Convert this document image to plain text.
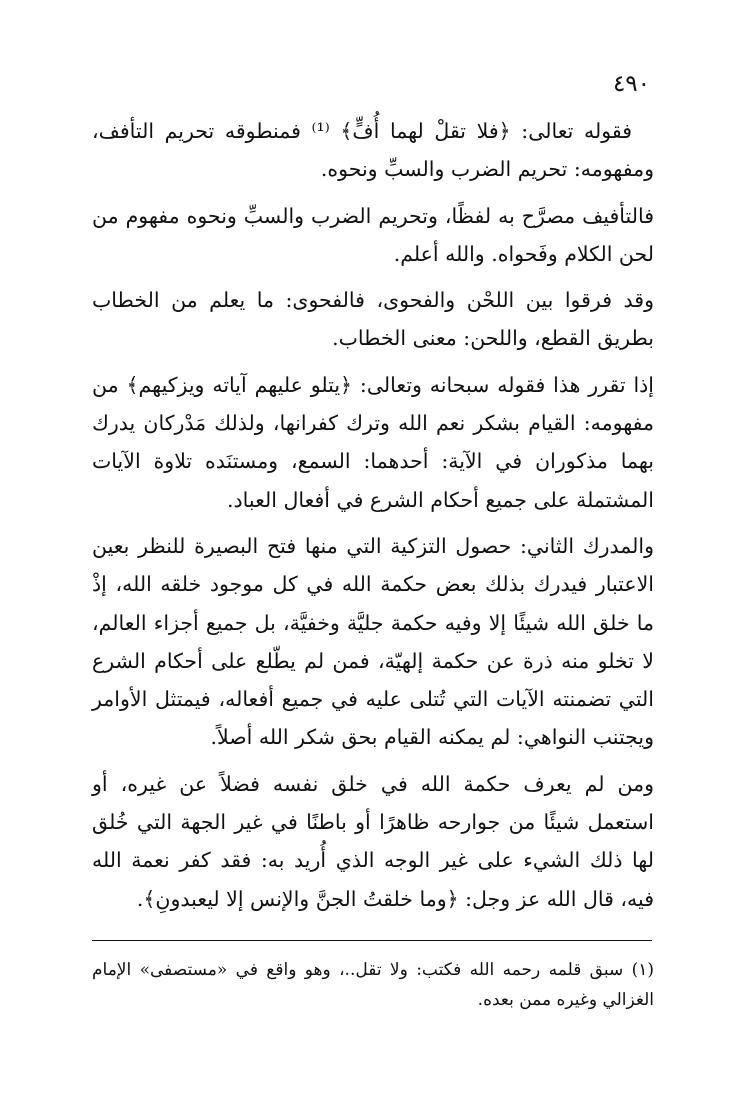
٤٩٠

فقوله تعالى: ﴿فلا تقلْ لهما أُفٍّ﴾ ⁽¹⁾ فمنطوقه تحريم التأفف، ومفهومه: تحريم الضرب والسبِّ ونحوه.

فالتأفيف مصرَّح به لفظًا، وتحريم الضرب والسبِّ ونحوه مفهوم من لحن الكلام وفَحواه. والله أعلم.

وقد فرقوا بين اللحْن والفحوى، فالفحوى: ما يعلم من الخطاب بطريق القطع، واللحن: معنى الخطاب.

إذا تقرر هذا فقوله سبحانه وتعالى: ﴿يتلو عليهم آياته ويزكيهم﴾ من مفهومه: القيام بشكر نعم الله وترك كفرانها، ولذلك مَدْركان يدرك بهما مذكوران في الآية: أحدهما: السمع، ومستنَده تلاوة الآيات المشتملة على جميع أحكام الشرع في أفعال العباد.

والمدرك الثاني: حصول التزكية التي منها فتح البصيرة للنظر بعين الاعتبار فيدرك بذلك بعض حكمة الله في كل موجود خلقه الله، إذْ ما خلق الله شيئًا إلا وفيه حكمة جليَّة وخفيَّة، بل جميع أجزاء العالم، لا تخلو منه ذرة عن حكمة إلهيّة، فمن لم يطّلع على أحكام الشرع التي تضمنته الآيات التي تُتلى عليه في جميع أفعاله، فيمتثل الأوامر ويجتنب النواهي: لم يمكنه القيام بحق شكر الله أصلاً.

ومن لم يعرف حكمة الله في خلق نفسه فضلاً عن غيره، أو استعمل شيئًا من جوارحه ظاهرًا أو باطنًا في غير الجهة التي خُلق لها ذلك الشيء على غير الوجه الذي أُريد به: فقد كفر نعمة الله فيه، قال الله عز وجل: ﴿وما خلقتُ الجنَّ والإنس إلا ليعبدونِ﴾.

(١) سبق قلمه رحمه الله فكتب: ولا تقل..، وهو واقع في «مستصفى» الإمام الغزالي وغيره ممن بعده.
